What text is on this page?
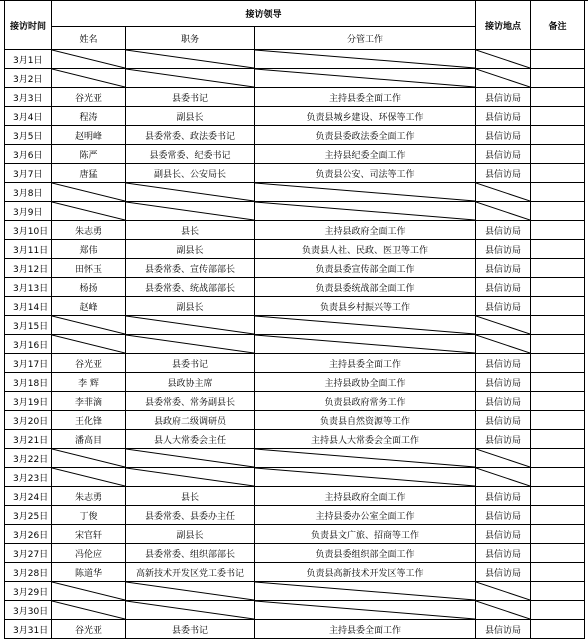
接访时间	接访领导			接访地点	备注
	姓名	职务	分管工作		
3月1日					
3月2日					
3月3日	谷光亚	县委书记	主持县委全面工作	县信访局	
3月4日	程涛	副县长	负责县城乡建设、环保等工作	县信访局	
3月5日	赵明峰	县委常委、政法委书记	负责县委政法委全面工作	县信访局	
3月6日	陈严	县委常委、纪委书记	主持县纪委全面工作	县信访局	
3月7日	唐猛	副县长、公安局长	负责县公安、司法等工作	县信访局	
3月8日					
3月9日					
3月10日	朱志勇	县长	主持县政府全面工作	县信访局	
3月11日	郑伟	副县长	负责县人社、民政、医卫等工作	县信访局	
3月12日	田怀玉	县委常委、宣传部部长	负责县委宣传部全面工作	县信访局	
3月13日	杨扬	县委常委、统战部部长	负责县委统战部全面工作	县信访局	
3月14日	赵峰	副县长	负责县乡村振兴等工作	县信访局	
3月15日					
3月16日					
3月17日	谷光亚	县委书记	主持县委全面工作	县信访局	
3月18日	李 辉	县政协主席	主持县政协全面工作	县信访局	
3月19日	李菲滴	县委常委、常务副县长	负责县政府常务工作	县信访局	
3月20日	王化锋	县政府二级调研员	负责县自然资源等工作	县信访局	
3月21日	潘高目	县人大常委会主任	主持县人大常委会全面工作	县信访局	
3月22日					
3月23日					
3月24日	朱志勇	县长	主持县政府全面工作	县信访局	
3月25日	丁俊	县委常委、县委办主任	主持县委办公室全面工作	县信访局	
3月26日	宋官轩	副县长	负责县文广旅、招商等工作	县信访局	
3月27日	冯伦应	县委常委、组织部部长	负责县委组织部全面工作	县信访局	
3月28日	陈道华	高新技术开发区党工委书记	负责县高新技术开发区等工作	县信访局	
3月29日					
3月30日					
3月31日	谷光亚	县委书记	主持县委全面工作	县信访局	
